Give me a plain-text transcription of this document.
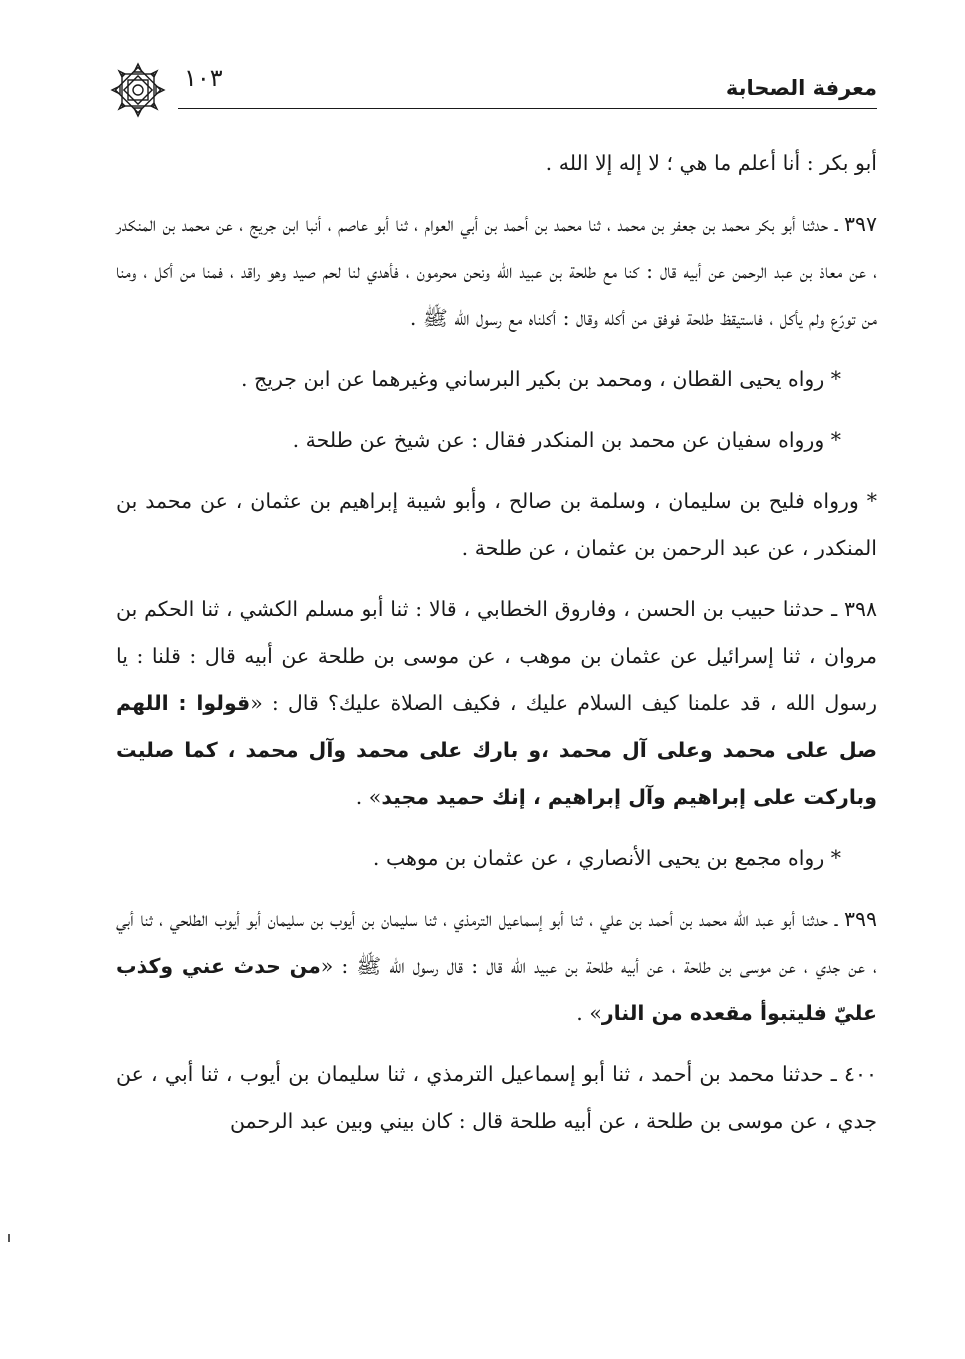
معرفة الصحابة
١٠٣

أبو بكر : أنا أعلم ما هي ؛ لا إله إلا الله .

٣٩٧ ـ حدثنا أبو بكر محمد بن جعفر بن محمد ، ثنا محمد بن أحمد بن أبي العوام ، ثنا أبو عاصم ، أنبا ابن جريج ، عن محمد بن المنكدر ، عن معاذ بن عبد الرحمن عن أبيه قال : كنا مع طلحة بن عبيد الله ونحن محرمون ، فأهدي لنا لحم صيد وهو راقد ، فمنا من أكل ، ومنا من تورّع ولم يأكل ، فاستيقظ طلحة فوفق من أكله وقال : أكلناه مع رسول الله ﷺ .

* رواه يحيى القطان ، ومحمد بن بكير البرساني وغيرهما عن ابن جريج .

* ورواه سفيان عن محمد بن المنكدر فقال : عن شيخ عن طلحة .

* ورواه فليح بن سليمان ، وسلمة بن صالح ، وأبو شيبة إبراهيم بن عثمان ، عن محمد بن المنكدر ، عن عبد الرحمن بن عثمان ، عن طلحة .

٣٩٨ ـ حدثنا حبيب بن الحسن ، وفاروق الخطابي ، قالا : ثنا أبو مسلم الكشي ، ثنا الحكم بن مروان ، ثنا إسرائيل عن عثمان بن موهب ، عن موسى بن طلحة عن أبيه قال : قلنا : يا رسول الله ، قد علمنا كيف السلام عليك ، فكيف الصلاة عليك؟ قال : «قولوا : اللهم صل على محمد وعلى آل محمد ،و بارك على محمد وآل محمد ، كما صليت وباركت على إبراهيم وآل إبراهيم ، إنك حميد مجيد» .

* رواه مجمع بن يحيى الأنصاري ، عن عثمان بن موهب .

٣٩٩ ـ حدثنا أبو عبد الله محمد بن أحمد بن علي ، ثنا أبو إسماعيل الترمذي ، ثنا سليمان بن أيوب بن سليمان أبو أيوب الطلحي ، ثنا أبي ، عن جدي ، عن موسى بن طلحة ، عن أبيه طلحة بن عبيد الله قال : قال رسول الله ﷺ : «من حدث عني وكذب عليّ فليتبوأ مقعده من النار» .

٤٠٠ ـ حدثنا محمد بن أحمد ، ثنا أبو إسماعيل الترمذي ، ثنا سليمان بن أيوب ، ثنا أبي ، عن جدي ، عن موسى بن طلحة ، عن أبيه طلحة قال : كان بيني وبين عبد الرحمن
